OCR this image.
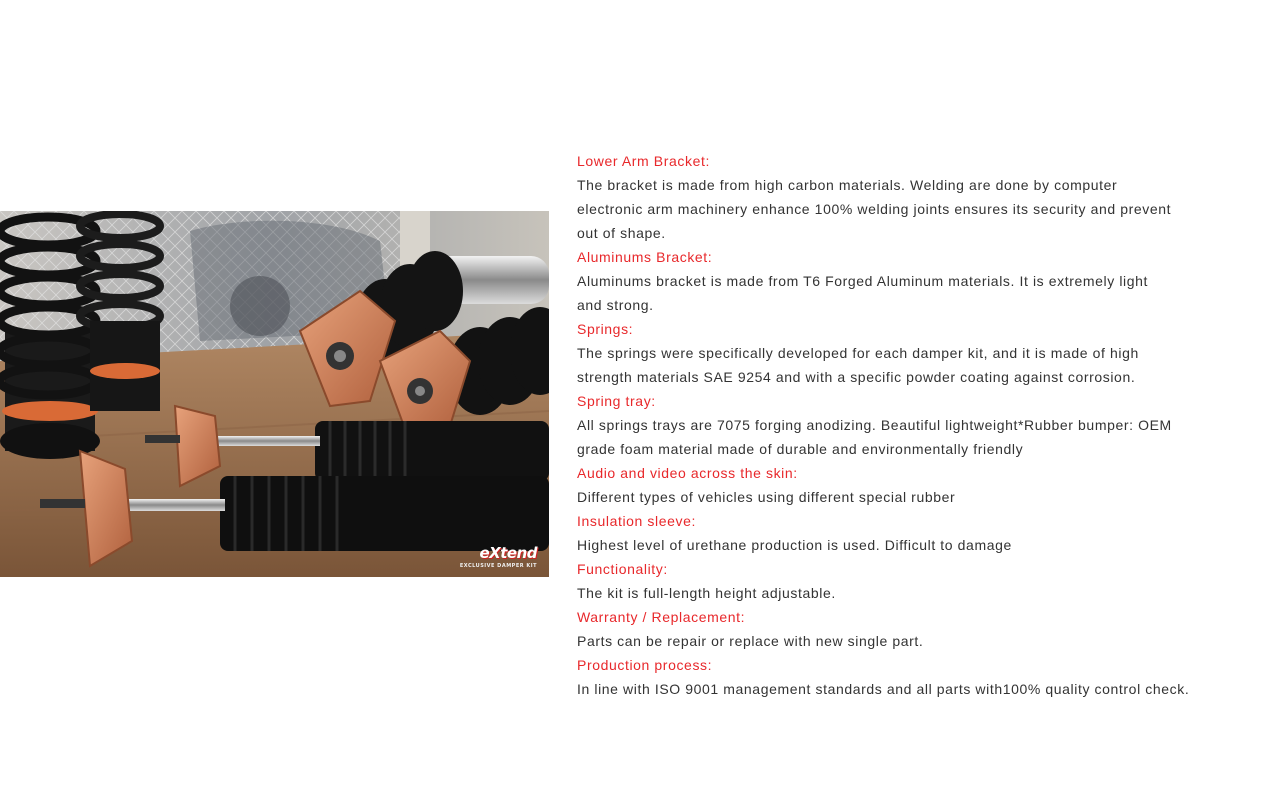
eXtend
EXCLUSIVE DAMPER KIT
Lower Arm Bracket:
The bracket is made from high carbon materials. Welding are done by computer electronic arm machinery enhance 100% welding joints ensures its security and prevent out of shape.
Aluminums Bracket:
Aluminums bracket is made from T6 Forged Aluminum materials. It is extremely light and strong.
Springs:
The springs were specifically developed for each damper kit, and it is made of high strength materials SAE 9254 and with a specific powder coating against corrosion.
Spring tray:
All springs trays are 7075 forging anodizing. Beautiful lightweight*Rubber bumper: OEM grade foam material made of durable and environmentally friendly
Audio and video across the skin:
Different types of vehicles using different special rubber
Insulation sleeve:
Highest level of urethane production is used. Difficult to damage
Functionality:
The kit is full-length height adjustable.
Warranty / Replacement:
Parts can be repair or replace with new single part.
Production process:
In line with ISO 9001 management standards and all parts with100% quality control check.
